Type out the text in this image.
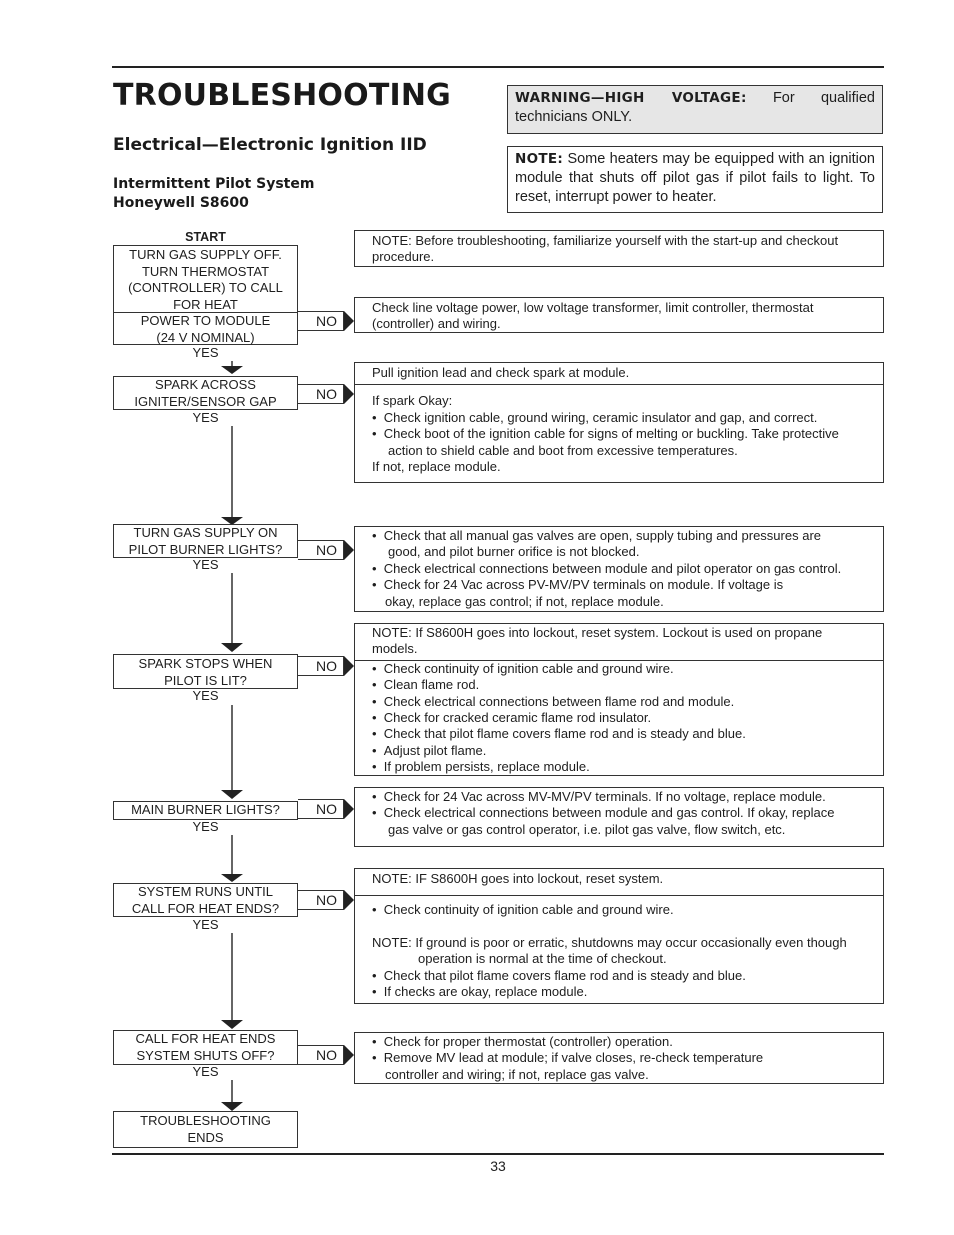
TROUBLESHOOTING
Electrical—Electronic Ignition IID
Intermittent Pilot System
Honeywell S8600
WARNING—HIGH VOLTAGE: For qualified technicians ONLY.
NOTE: Some heaters may be equipped with an ignition module that shuts off pilot gas if pilot fails to light. To reset, interrupt power to heater.
START
TURN GAS SUPPLY OFF.
TURN THERMOSTAT
(CONTROLLER) TO CALL
FOR HEAT
POWER TO MODULE
(24 V NOMINAL)
YES
SPARK ACROSS
IGNITER/SENSOR GAP
YES
TURN GAS SUPPLY ON
PILOT BURNER LIGHTS?
YES
SPARK STOPS WHEN
PILOT IS LIT?
YES
MAIN BURNER LIGHTS?
YES
SYSTEM RUNS UNTIL
CALL FOR HEAT ENDS?
YES
CALL FOR HEAT ENDS
SYSTEM SHUTS OFF?
YES
TROUBLESHOOTING
ENDS
NO
NO
NO
NO
NO
NO
NO
NOTE: Before troubleshooting, familiarize yourself with the start-up and checkout
procedure.
Check line voltage power, low voltage transformer, limit controller, thermostat
(controller) and wiring.
Pull ignition lead and check spark at module.
If spark Okay:
• Check ignition cable, ground wiring, ceramic insulator and gap, and correct.
• Check boot of the ignition cable for signs of melting or buckling. Take protective
action to shield cable and boot from excessive temperatures.
If not, replace module.
• Check that all manual gas valves are open, supply tubing and pressures are
good, and pilot burner orifice is not blocked.
• Check electrical connections between module and pilot operator on gas control.
• Check for 24 Vac across PV-MV/PV terminals on module. If voltage is
okay, replace gas control; if not, replace module.
NOTE: If S8600H goes into lockout, reset system. Lockout is used on propane
models.
• Check continuity of ignition cable and ground wire.
• Clean flame rod.
• Check electrical connections between flame rod and module.
• Check for cracked ceramic flame rod insulator.
• Check that pilot flame covers flame rod and is steady and blue.
• Adjust pilot flame.
• If problem persists, replace module.
• Check for 24 Vac across MV-MV/PV terminals. If no voltage, replace module.
• Check electrical connections between module and gas control. If okay, replace
gas valve or gas control operator, i.e. pilot gas valve, flow switch, etc.
NOTE: IF S8600H goes into lockout, reset system.
• Check continuity of ignition cable and ground wire.
NOTE: If ground is poor or erratic, shutdowns may occur occasionally even though
operation is normal at the time of checkout.
• Check that pilot flame covers flame rod and is steady and blue.
• If checks are okay, replace module.
• Check for proper thermostat (controller) operation.
• Remove MV lead at module; if valve closes, re-check temperature
controller and wiring; if not, replace gas valve.
33
